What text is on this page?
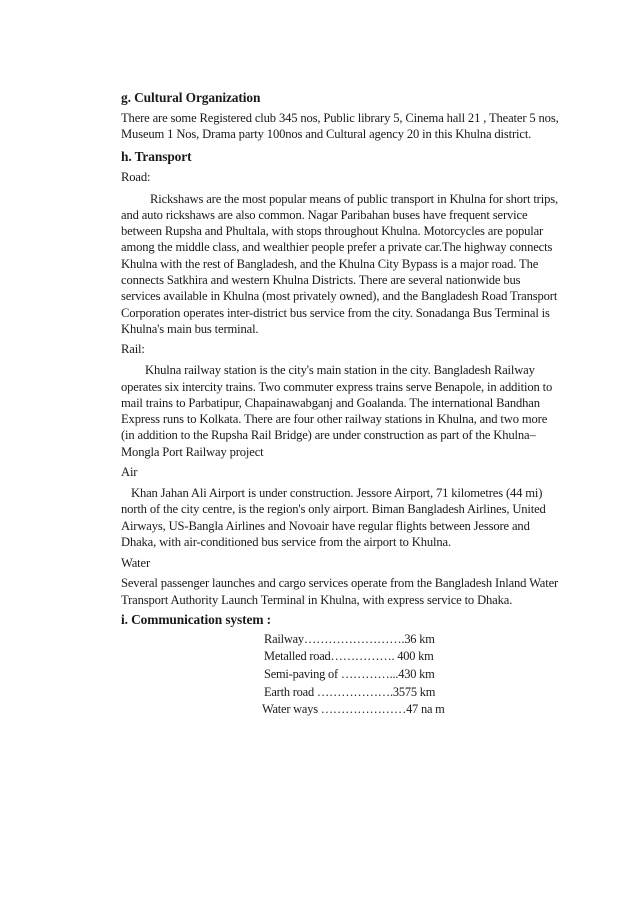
g. Cultural Organization

There are some Registered club 345 nos, Public library 5, Cinema hall 21 , Theater 5 nos, Museum 1 Nos, Drama party 100nos and Cultural agency 20 in this Khulna district.

h. Transport

Road:

Rickshaws are the most popular means of public transport in Khulna for short trips, and auto rickshaws are also common. Nagar Paribahan buses have frequent service between Rupsha and Phultala, with stops throughout Khulna. Motorcycles are popular among the middle class, and wealthier people prefer a private car.The highway connects Khulna with the rest of Bangladesh, and the Khulna City Bypass is a major road. The connects Satkhira and western Khulna Districts. There are several nationwide bus services available in Khulna (most privately owned), and the Bangladesh Road Transport Corporation operates inter-district bus service from the city. Sonadanga Bus Terminal is Khulna's main bus terminal.

Rail:

Khulna railway station is the city's main station in the city. Bangladesh Railway operates six intercity trains. Two commuter express trains serve Benapole, in addition to mail trains to Parbatipur, Chapainawabganj and Goalanda. The international Bandhan Express runs to Kolkata. There are four other railway stations in Khulna, and two more (in addition to the Rupsha Rail Bridge) are under construction as part of the Khulna–Mongla Port Railway project

Air

Khan Jahan Ali Airport is under construction. Jessore Airport, 71 kilometres (44 mi) north of the city centre, is the region's only airport. Biman Bangladesh Airlines, United Airways, US-Bangla Airlines and Novoair have regular flights between Jessore and Dhaka, with air-conditioned bus service from the airport to Khulna.

Water

Several passenger launches and cargo services operate from the Bangladesh Inland Water Transport Authority Launch Terminal in Khulna, with express service to Dhaka.

i. Communication system :
Railway…………………….36 km
Metalled road……………. 400 km
Semi-paving of …………...430 km
Earth road ……………….3575 km
Water ways …………………47 na m
